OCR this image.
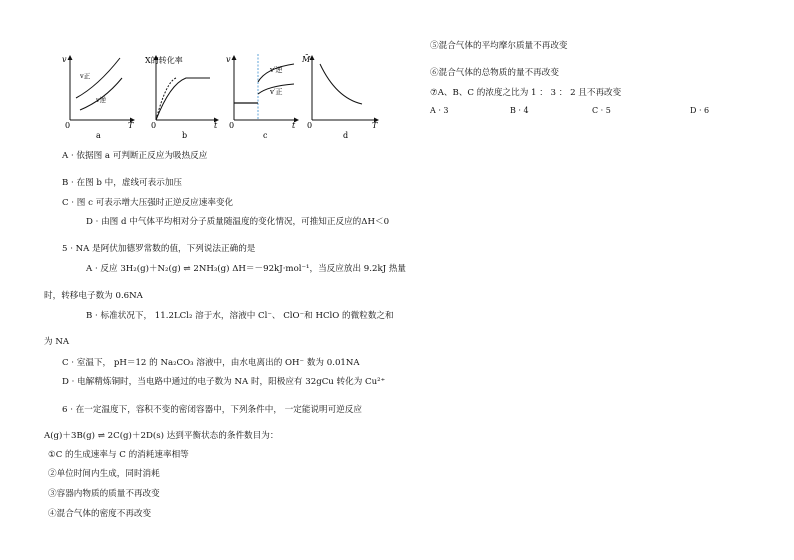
v
v正
v逆
0	T
a
X的转化率
0	t
b
v
v′逆
v′正
0	t
c
M̄
0	T
d
A · 依据图 a 可判断正反应为吸热反应
B · 在图 b 中，虚线可表示加压
C · 图 c 可表示增大压强时正逆反应速率变化
D · 由图 d 中气体平均相对分子质量随温度的变化情况，可推知正反应的ΔH＜0
5 · NA 是阿伏加德罗常数的值，下列说法正确的是
A · 反应 3H₂(g)＋N₂(g) ⇌ 2NH₃(g) ΔH＝－92kJ·mol⁻¹，当反应放出 9.2kJ 热量
时，转移电子数为 0.6NA
B · 标准状况下， 11.2LCl₂ 溶于水，溶液中 Cl⁻、 ClO⁻和 HClO 的微粒数之和
为 NA
C · 室温下， pH＝12 的 Na₂CO₃ 溶液中，由水电离出的 OH⁻ 数为 0.01NA
D · 电解精炼铜时，当电路中通过的电子数为 NA 时，阳极应有 32gCu 转化为 Cu²⁺
6 · 在一定温度下，容积不变的密闭容器中，下列条件中， 一定能说明可逆反应
A(g)＋3B(g) ⇌ 2C(g)＋2D(s) 达到平衡状态的条件数目为：
①C 的生成速率与 C 的消耗速率相等
②单位时间内生成，同时消耗
③容器内物质的质量不再改变
④混合气体的密度不再改变
⑤混合气体的平均摩尔质量不再改变
⑥混合气体的总物质的量不再改变
⑦A、B、C 的浓度之比为 1 ： 3 ： 2 且不再改变
A · 3	B · 4	C · 5	D · 6
